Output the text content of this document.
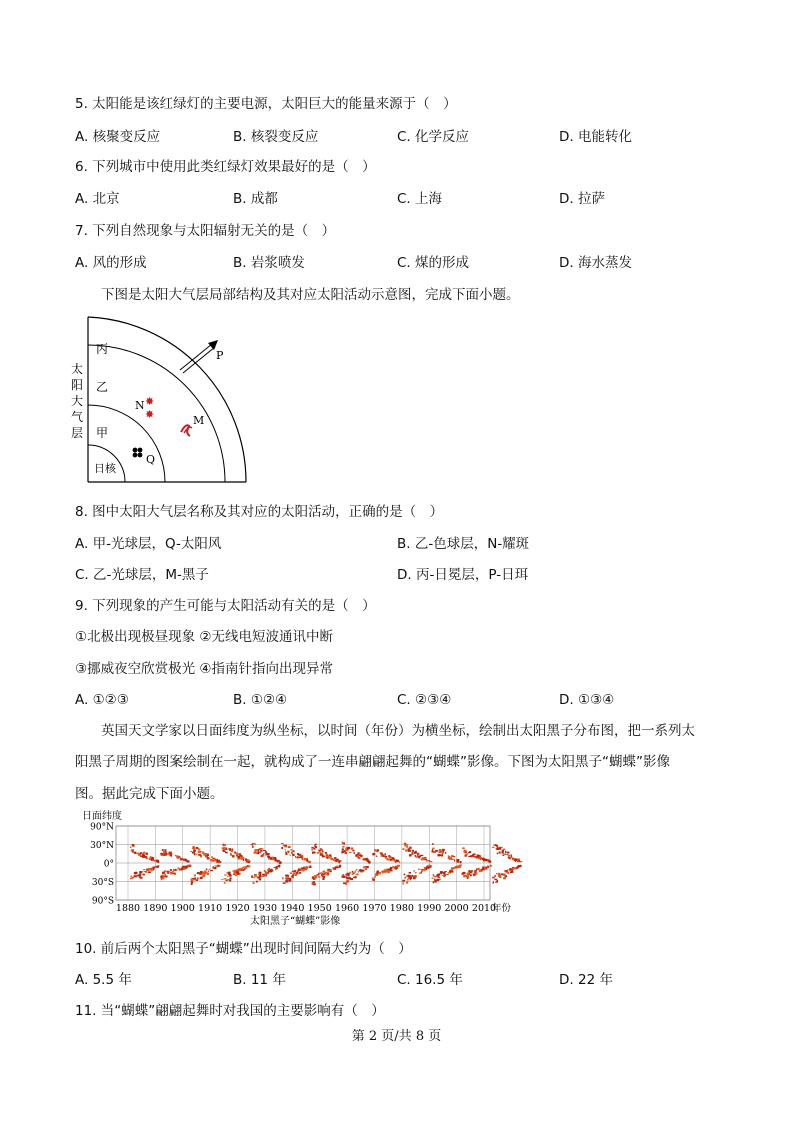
5. 太阳能是该红绿灯的主要电源，太阳巨大的能量来源于（　）
A. 核聚变反应	B. 核裂变反应	C. 化学反应	D. 电能转化
6. 下列城市中使用此类红绿灯效果最好的是（　）
A. 北京	B. 成都	C. 上海	D. 拉萨
7. 下列自然现象与太阳辐射无关的是（　）
A. 风的形成	B. 岩浆喷发	C. 煤的形成	D. 海水蒸发
下图是太阳大气层局部结构及其对应太阳活动示意图，完成下面小题。
太
阳
大
气
层
丙
乙
甲
日核
P
N ✸
✸	M
Q
8. 图中太阳大气层名称及其对应的太阳活动，正确的是（　）
A. 甲-光球层，Q-太阳风	B. 乙-色球层，N-耀斑
C. 乙-光球层，M-黑子	D. 丙-日冕层，P-日珥
9. 下列现象的产生可能与太阳活动有关的是（　）
①北极出现极昼现象 ②无线电短波通讯中断
③挪威夜空欣赏极光 ④指南针指向出现异常
A. ①②③	B. ①②④	C. ②③④	D. ①③④
英国天文学家以日面纬度为纵坐标，以时间（年份）为横坐标，绘制出太阳黑子分布图，把一系列太
阳黑子周期的图案绘制在一起，就构成了一连串翩翩起舞的“蝴蝶”影像。下图为太阳黑子“蝴蝶”影像
图。据此完成下面小题。
日面纬度
90°N
30°N
0°
30°S
90°S
1880 1890 1900 1910 1920 1930 1940 1950 1960 1970 1980 1990 2000 2010
年份
太阳黑子“蝴蝶”影像
10. 前后两个太阳黑子“蝴蝶”出现时间间隔大约为（　）
A. 5.5 年	B. 11 年	C. 16.5 年	D. 22 年
11. 当“蝴蝶”翩翩起舞时对我国的主要影响有（　）
第 2 页/共 8 页
